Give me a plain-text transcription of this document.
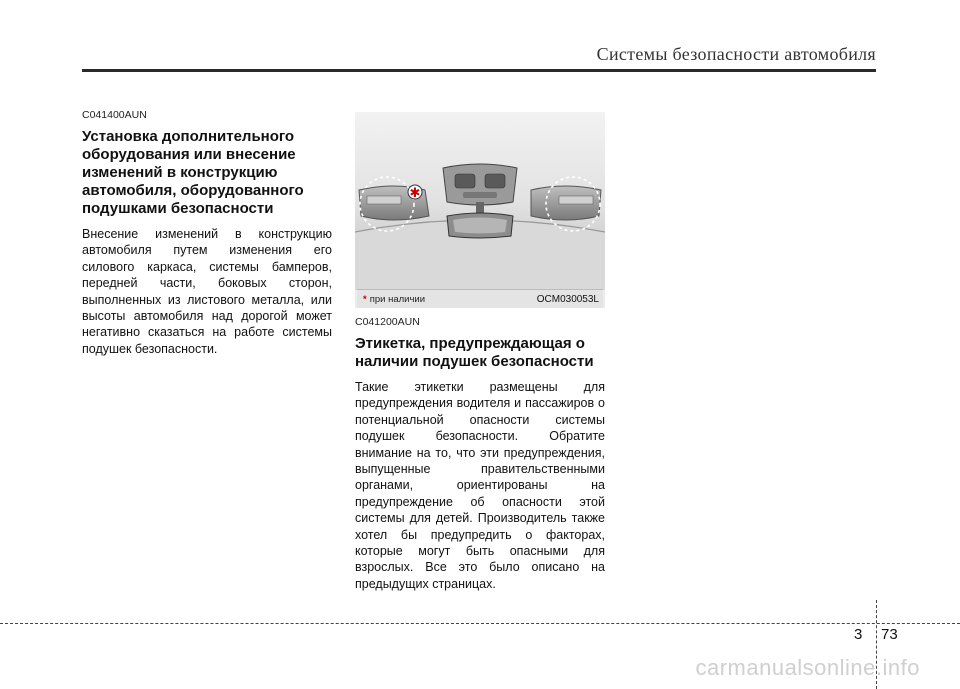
Системы безопасности автомобиля

C041400AUN

Установка дополнительного оборудования или внесение изменений в конструкцию автомобиля, оборудованного подушками безопасности

Внесение изменений в конструкцию автомобиля путем изменения его силового каркаса, системы бамперов, передней части, боковых сторон, выполненных из листового металла, или высоты автомобиля над дорогой может негативно сказаться на работе системы подушек безопасности.

✱
* при наличии	OCM030053L

C041200AUN

Этикетка, предупреждающая о наличии подушек безопасности

Такие этикетки размещены для предупреждения водителя и пассажиров о потенциальной опасности системы подушек безопасности. Обратите внимание на то, что эти предупреждения, выпущенные правительственными органами, ориентированы на предупреждение об опасности этой системы для детей. Производитель также хотел бы предупредить о факторах, которые могут быть опасными для взрослых. Все это было описано на предыдущих страницах.

3 73
carmanualsonline.info
